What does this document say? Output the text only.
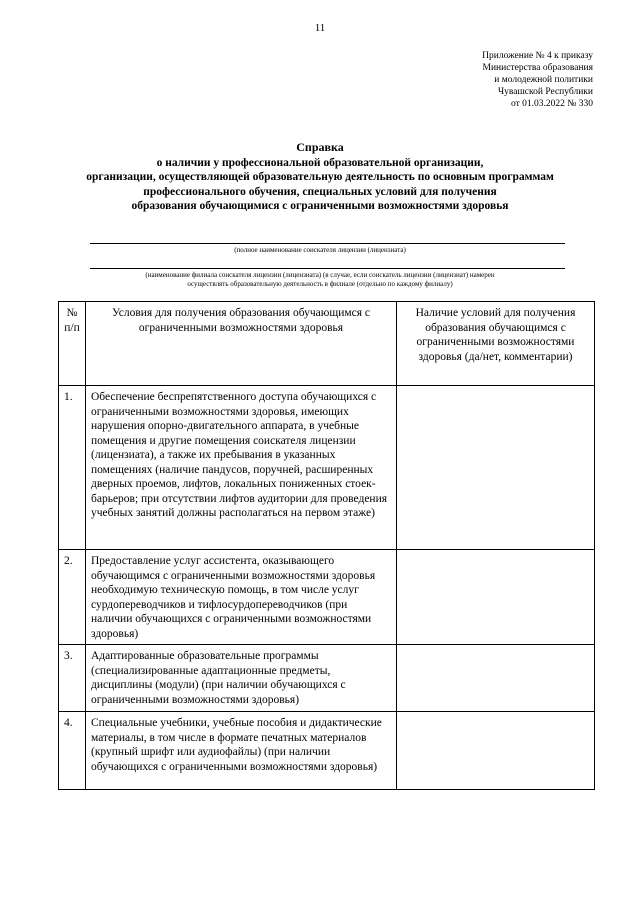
11
Приложение № 4 к приказу
Министерства образования
и молодежной политики
Чувашской Республики
от 01.03.2022 № 330
Справка
о наличии у профессиональной образовательной организации,
организации, осуществляющей образовательную деятельность по основным программам
профессионального обучения, специальных условий для получения
образования обучающимися с ограниченными возможностями здоровья
(полное наименование соискателя лицензии (лицензиата)
(наименование филиала соискателя лицензии (лицензиата) (в случае, если соискатель лицензии (лицензиат) намерен
осуществлять образовательную деятельность в филиале (отдельно по каждому филиалу)
№ п/п	Условия для получения образования обучающимся с ограниченными возможностями здоровья	Наличие условий для получения образования обучающимся с ограниченными возможностями здоровья (да/нет, комментарии)
1.	Обеспечение беспрепятственного доступа обучающихся с ограниченными возможностями здоровья, имеющих нарушения опорно-двигательного аппарата, в учебные помещения и другие помещения соискателя лицензии (лицензиата), а также их пребывания в указанных помещениях (наличие пандусов, поручней, расширенных дверных проемов, лифтов, локальных пониженных стоек-барьеров; при отсутствии лифтов аудитории для проведения учебных занятий должны располагаться на первом этаже)	
2.	Предоставление услуг ассистента, оказывающего обучающимся с ограниченными возможностями здоровья необходимую техническую помощь, в том числе услуг сурдопереводчиков и тифлосурдопереводчиков (при наличии обучающихся с ограниченными возможностями здоровья)	
3.	Адаптированные образовательные программы (специализированные адаптационные предметы, дисциплины (модули) (при наличии обучающихся с ограниченными возможностями здоровья)	
4.	Специальные учебники, учебные пособия и дидактические материалы, в том числе в формате печатных материалов (крупный шрифт или аудиофайлы) (при наличии обучающихся с ограниченными возможностями здоровья)	
